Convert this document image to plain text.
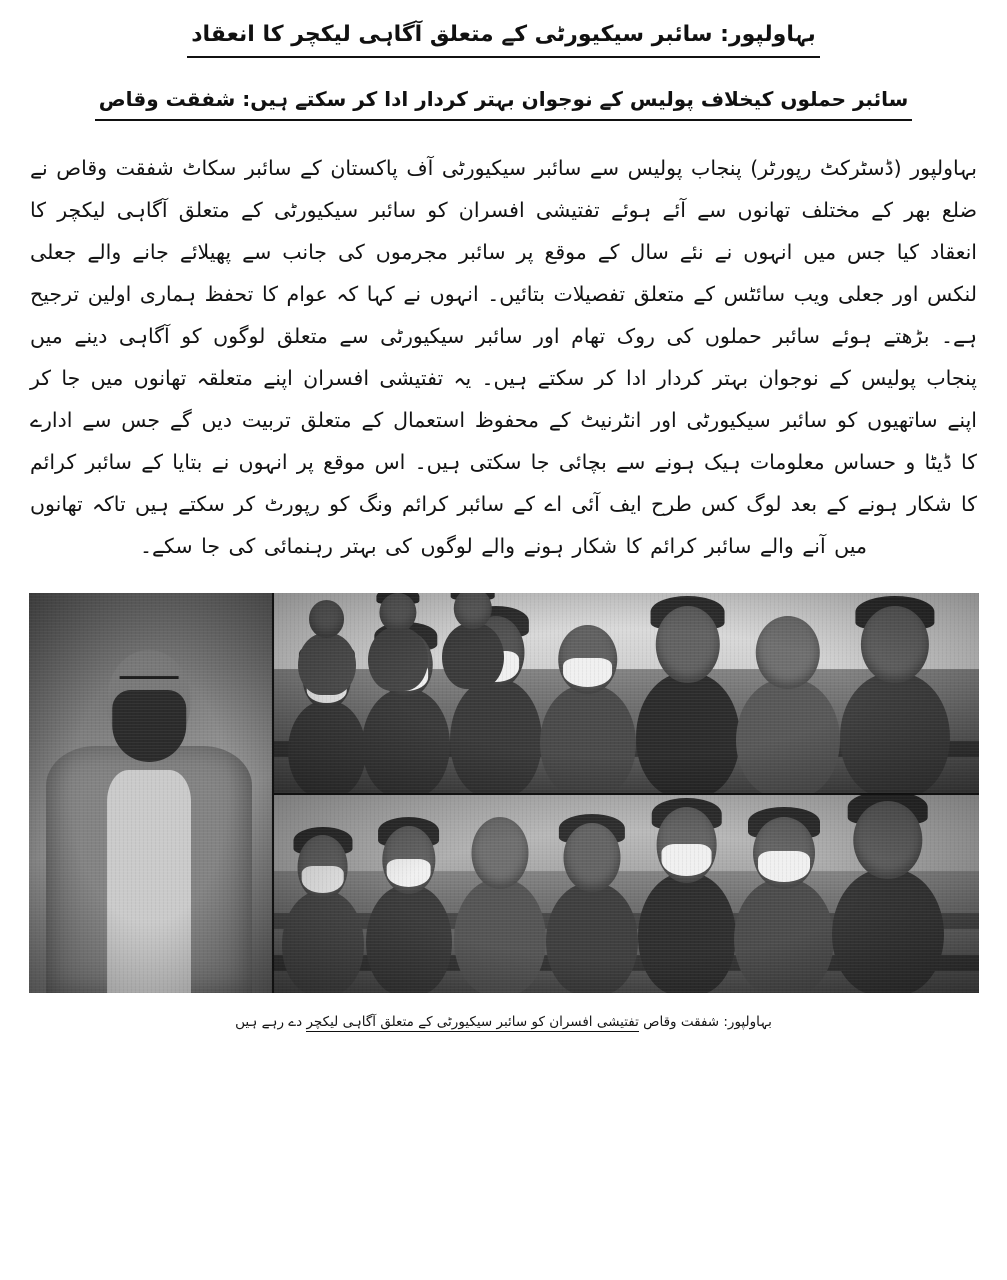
بہاولپور: سائبر سیکیورٹی کے متعلق آگاہی لیکچر کا انعقاد
سائبر حملوں کیخلاف پولیس کے نوجوان بہتر کردار ادا کر سکتے ہیں: شفقت وقاص
بہاولپور (ڈسٹرکٹ رپورٹر) پنجاب پولیس سے سائبر سیکیورٹی آف پاکستان کے سائبر سکاٹ شفقت وقاص نے ضلع بھر کے مختلف تھانوں سے آئے ہوئے تفتیشی افسران کو سائبر سیکیورٹی کے متعلق آگاہی لیکچر کا انعقاد کیا جس میں انہوں نے نئے سال کے موقع پر سائبر مجرموں کی جانب سے پھیلائے جانے والے جعلی لنکس اور جعلی ویب سائٹس کے متعلق تفصیلات بتائیں۔ انہوں نے کہا کہ عوام کا تحفظ ہماری اولین ترجیح ہے۔ بڑھتے ہوئے سائبر حملوں کی روک تھام اور سائبر سیکیورٹی سے متعلق لوگوں کو آگاہی دینے میں پنجاب پولیس کے نوجوان بہتر کردار ادا کر سکتے ہیں۔ یہ تفتیشی افسران اپنے متعلقہ تھانوں میں جا کر اپنے ساتھیوں کو سائبر سیکیورٹی اور انٹرنیٹ کے محفوظ استعمال کے متعلق تربیت دیں گے جس سے ادارے کا ڈیٹا و حساس معلومات ہیک ہونے سے بچائی جا سکتی ہیں۔ اس موقع پر انہوں نے بتایا کے سائبر کرائم کا شکار ہونے کے بعد لوگ کس طرح ایف آئی اے کے سائبر کرائم ونگ کو رپورٹ کر سکتے ہیں تاکہ تھانوں میں آنے والے سائبر کرائم کا شکار ہونے والے لوگوں کی بہتر رہنمائی کی جا سکے۔
بہاولپور: شفقت وقاص تفتیشی افسران کو سائبر سیکیورٹی کے متعلق آگاہی لیکچر دے رہے ہیں
